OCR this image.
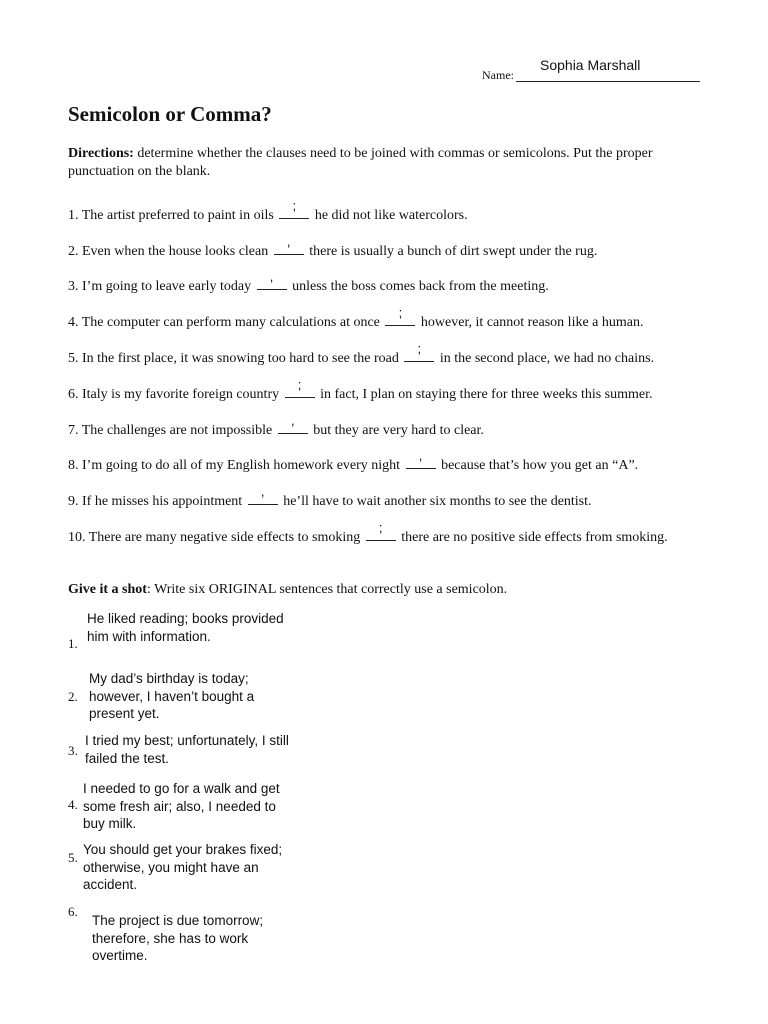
Name:
Sophia Marshall
Semicolon or Comma?
Directions: determine whether the clauses need to be joined with commas or semicolons. Put the proper punctuation on the blank.
1. The artist preferred to paint in oils
;
he did not like watercolors.
2. Even when the house looks clean
,
there is usually a bunch of dirt swept under the rug.
3. I’m going to leave early today
,
unless the boss comes back from the meeting.
4. The computer can perform many calculations at once
;
however, it cannot reason like a human.
5. In the first place, it was snowing too hard to see the road
;
in the second place, we had no chains.
6. Italy is my favorite foreign country
;
in fact, I plan on staying there for three weeks this summer.
7. The challenges are not impossible
,
but they are very hard to clear.
8. I’m going to do all of my English homework every night
,
because that’s how you get an “A”.
9. If he misses his appointment
,
he’ll have to wait another six months to see the dentist.
10. There are many negative side effects to smoking
;
there are no positive side effects from smoking.
Give it a shot: Write six ORIGINAL sentences that correctly use a semicolon.
1.
He liked reading; books provided him with information.
2.
My dad’s birthday is today; however, I haven’t bought a present yet.
3.
I tried my best; unfortunately, I still failed the test.
4.
I needed to go for a walk and get some fresh air; also, I needed to buy milk.
5.
You should get your brakes fixed; otherwise, you might have an accident.
6.
The project is due tomorrow; therefore, she has to work overtime.
